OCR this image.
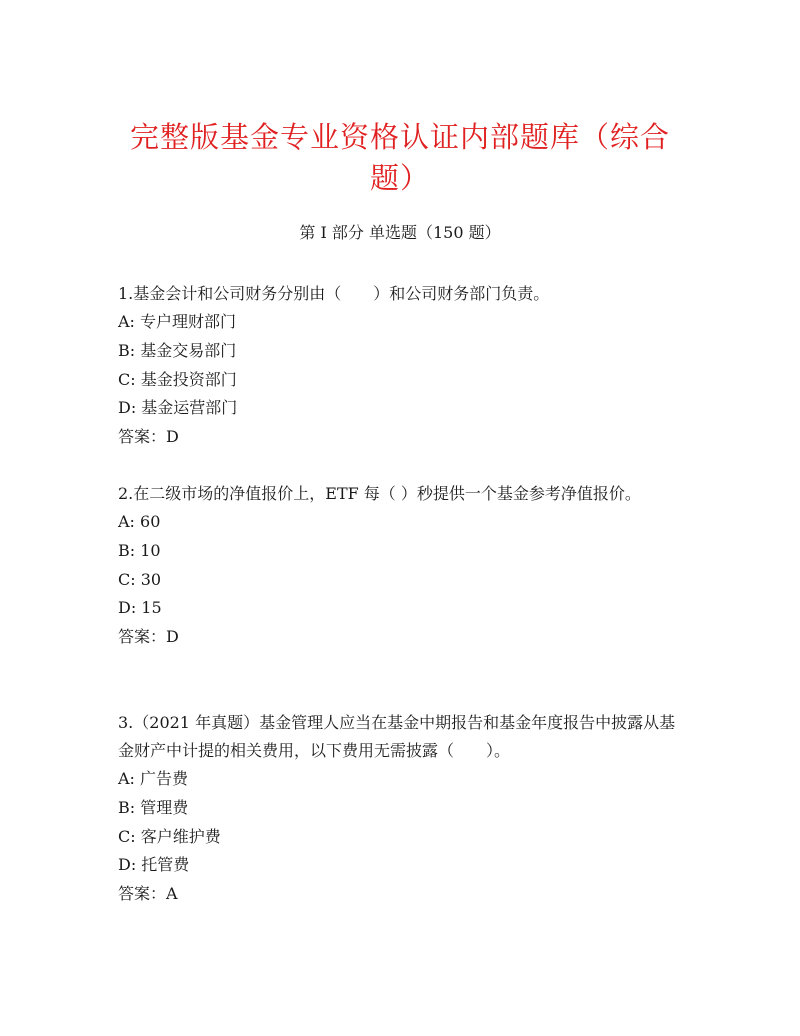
完整版基金专业资格认证内部题库（综合题）
第 I 部分 单选题（150 题）

1.基金会计和公司财务分别由（　　）和公司财务部门负责。

A: 专户理财部门
B: 基金交易部门
C: 基金投资部门
D: 基金运营部门
答案：D

2.在二级市场的净值报价上，ETF 每（ ）秒提供一个基金参考净值报价。

A: 60
B: 10
C: 30
D: 15
答案：D

3.（2021 年真题）基金管理人应当在基金中期报告和基金年度报告中披露从基金财产中计提的相关费用，以下费用无需披露（　　）。

A: 广告费
B: 管理费
C: 客户维护费
D: 托管费
答案：A
